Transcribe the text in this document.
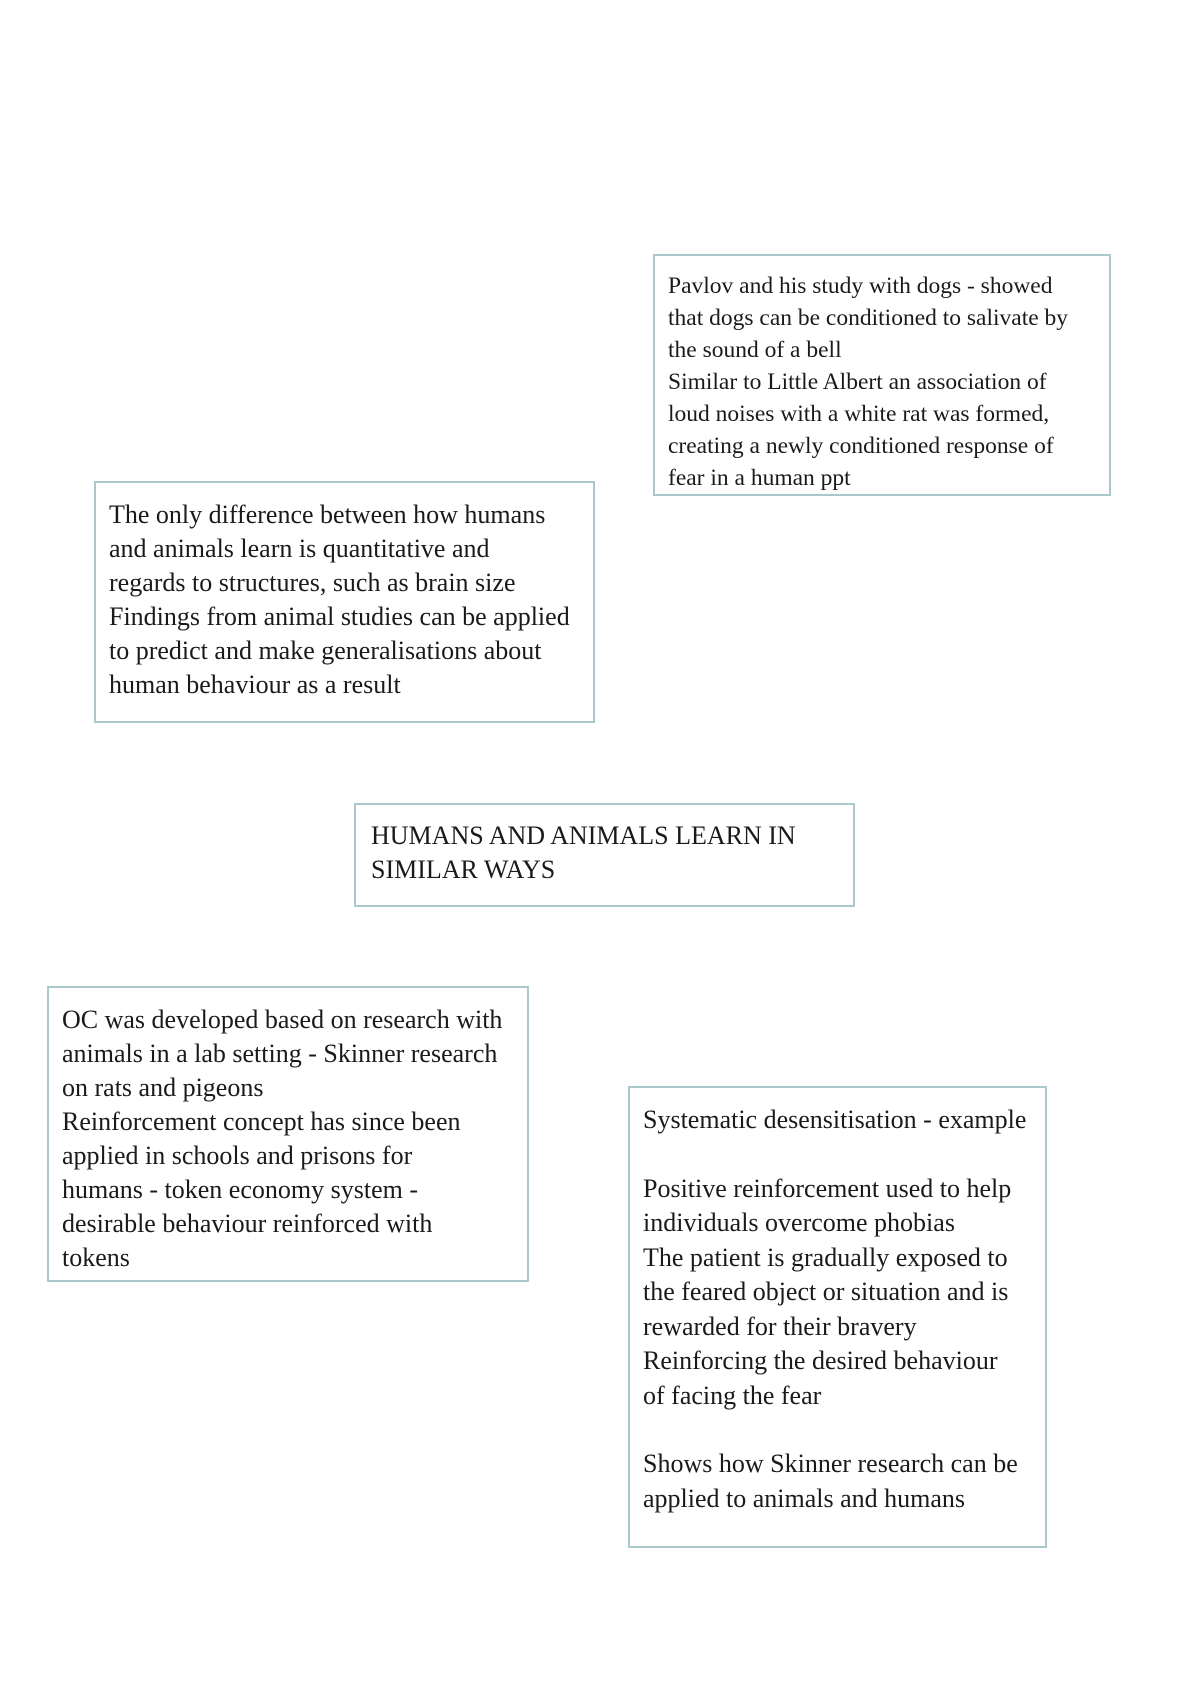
Pavlov and his study with dogs - showed

that dogs can be conditioned to salivate by

the sound of a bell

Similar to Little Albert an association of

loud noises with a white rat was formed,

creating a newly conditioned response of

fear in a human ppt

The only difference between how humans

and animals learn is quantitative and

regards to structures, such as brain size

Findings from animal studies can be applied

to predict and make generalisations about

human behaviour as a result

HUMANS AND ANIMALS LEARN IN

SIMILAR WAYS

OC was developed based on research with

animals in a lab setting - Skinner research

on rats and pigeons

Reinforcement concept has since been

applied in schools and prisons for

humans - token economy system -

desirable behaviour reinforced with

tokens

Systematic desensitisation - example

Positive reinforcement used to help

individuals overcome phobias

The patient is gradually exposed to

the feared object or situation and is

rewarded for their bravery

Reinforcing the desired behaviour

of facing the fear

Shows how Skinner research can be

applied to animals and humans
